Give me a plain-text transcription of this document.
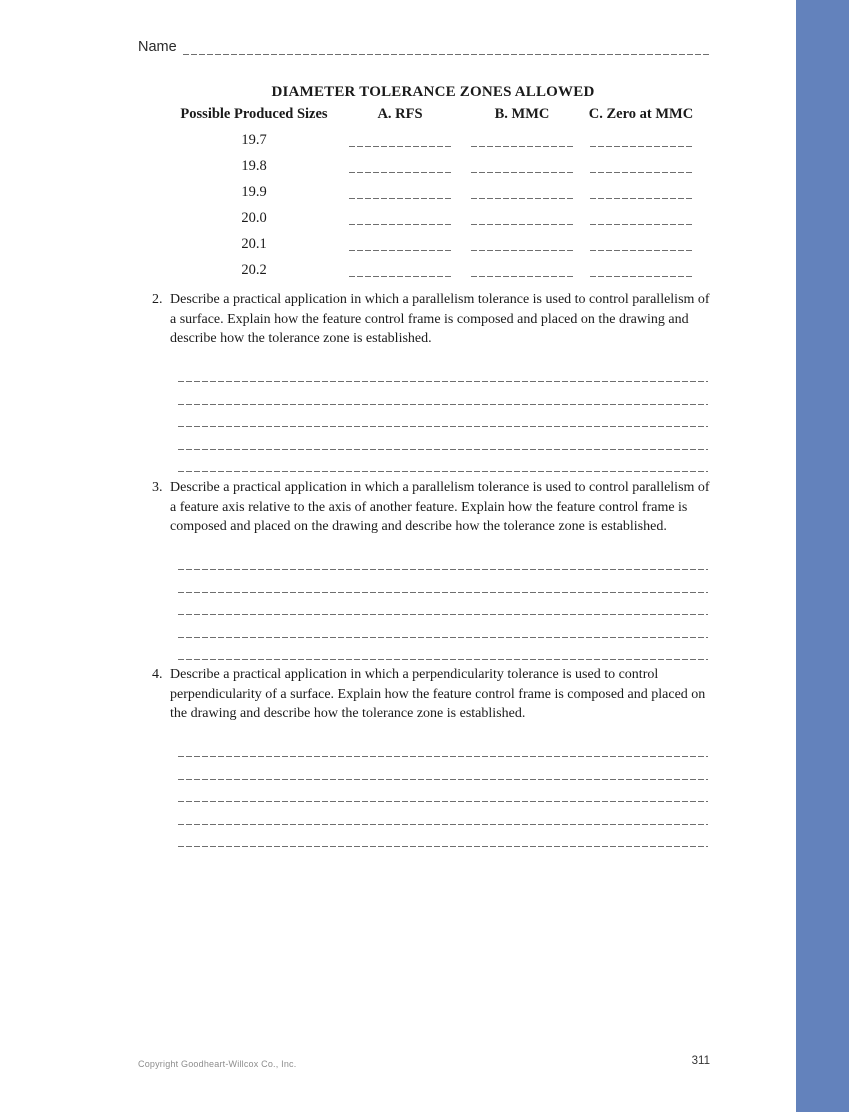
Name
DIAMETER TOLERANCE ZONES ALLOWED
Possible Produced Sizes	A. RFS	B. MMC	C. Zero at MMC
19.7
19.8
19.9
20.0
20.1
20.2
2. Describe a practical application in which a parallelism tolerance is used to control parallelism of a surface. Explain how the feature control frame is composed and placed on the drawing and describe how the tolerance zone is established.
3. Describe a practical application in which a parallelism tolerance is used to control parallelism of a feature axis relative to the axis of another feature. Explain how the feature control frame is composed and placed on the drawing and describe how the tolerance zone is established.
4. Describe a practical application in which a perpendicularity tolerance is used to control perpendicularity of a surface. Explain how the feature control frame is composed and placed on the drawing and describe how the tolerance zone is established.
Copyright Goodheart-Willcox Co., Inc.	311
